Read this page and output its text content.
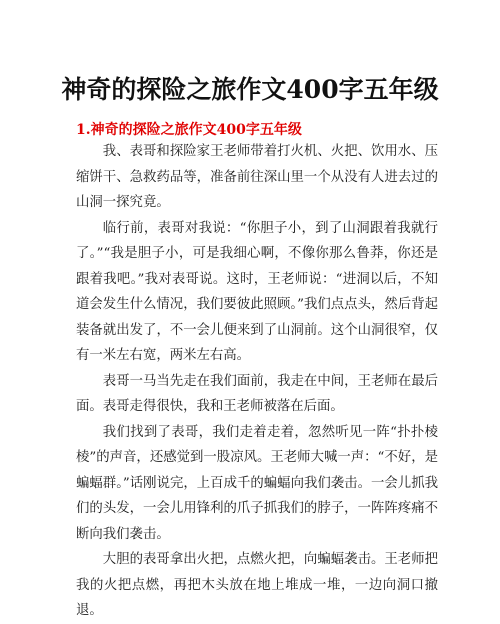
神奇的探险之旅作文400字五年级
1.神奇的探险之旅作文400字五年级

我、表哥和探险家王老师带着打火机、火把、饮用水、压缩饼干、急救药品等，准备前往深山里一个从没有人进去过的山洞一探究竟。

临行前，表哥对我说：“你胆子小，到了山洞跟着我就行了。”“我是胆子小，可是我细心啊，不像你那么鲁莽，你还是跟着我吧。”我对表哥说。这时，王老师说：“进洞以后，不知道会发生什么情况，我们要彼此照顾。”我们点点头，然后背起装备就出发了，不一会儿便来到了山洞前。这个山洞很窄，仅有一米左右宽，两米左右高。

表哥一马当先走在我们面前，我走在中间，王老师在最后面。表哥走得很快，我和王老师被落在后面。

我们找到了表哥，我们走着走着，忽然听见一阵“扑扑棱棱”的声音，还感觉到一股凉风。王老师大喊一声：“不好，是蝙蝠群。”话刚说完，上百成千的蝙蝠向我们袭击。一会儿抓我们的头发，一会儿用锋利的爪子抓我们的脖子，一阵阵疼痛不断向我们袭击。

大胆的表哥拿出火把，点燃火把，向蝙蝠袭击。王老师把我的火把点燃，再把木头放在地上堆成一堆，一边向洞口撤退。
